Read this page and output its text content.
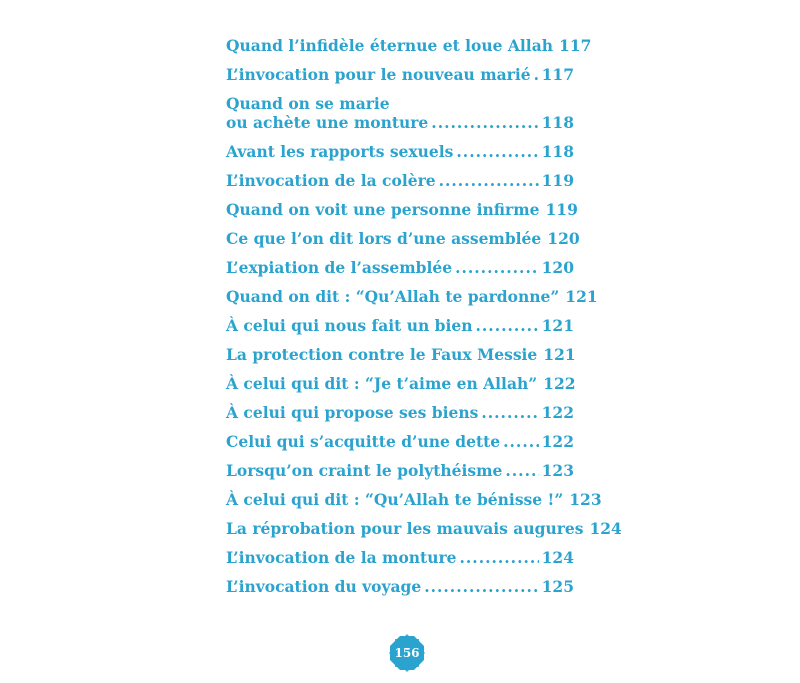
Quand l’infidèle éternue et loue Allah 117
L’invocation pour le nouveau marié ..... 117
Quand on se marie
ou achète une monture .....	118
Avant les rapports sexuels .....	118
L’invocation de la colère .....	119
Quand on voit une personne infirme 119
Ce que l’on dit lors d’une assemblée 120
L’expiation de l’assemblée .....	120
Quand on dit : “Qu’Allah te pardonne” 121
À celui qui nous fait un bien .....	121
La protection contre le Faux Messie 121
À celui qui dit : “Je t’aime en Allah” 122
À celui qui propose ses biens .....	122
Celui qui s’acquitte d’une dette .....	122
Lorsqu’on craint le polythéisme .....	123
À celui qui dit : “Qu’Allah te bénisse !” 123
La réprobation pour les mauvais augures 124
L’invocation de la monture .....	124
L’invocation du voyage .....	125
156
